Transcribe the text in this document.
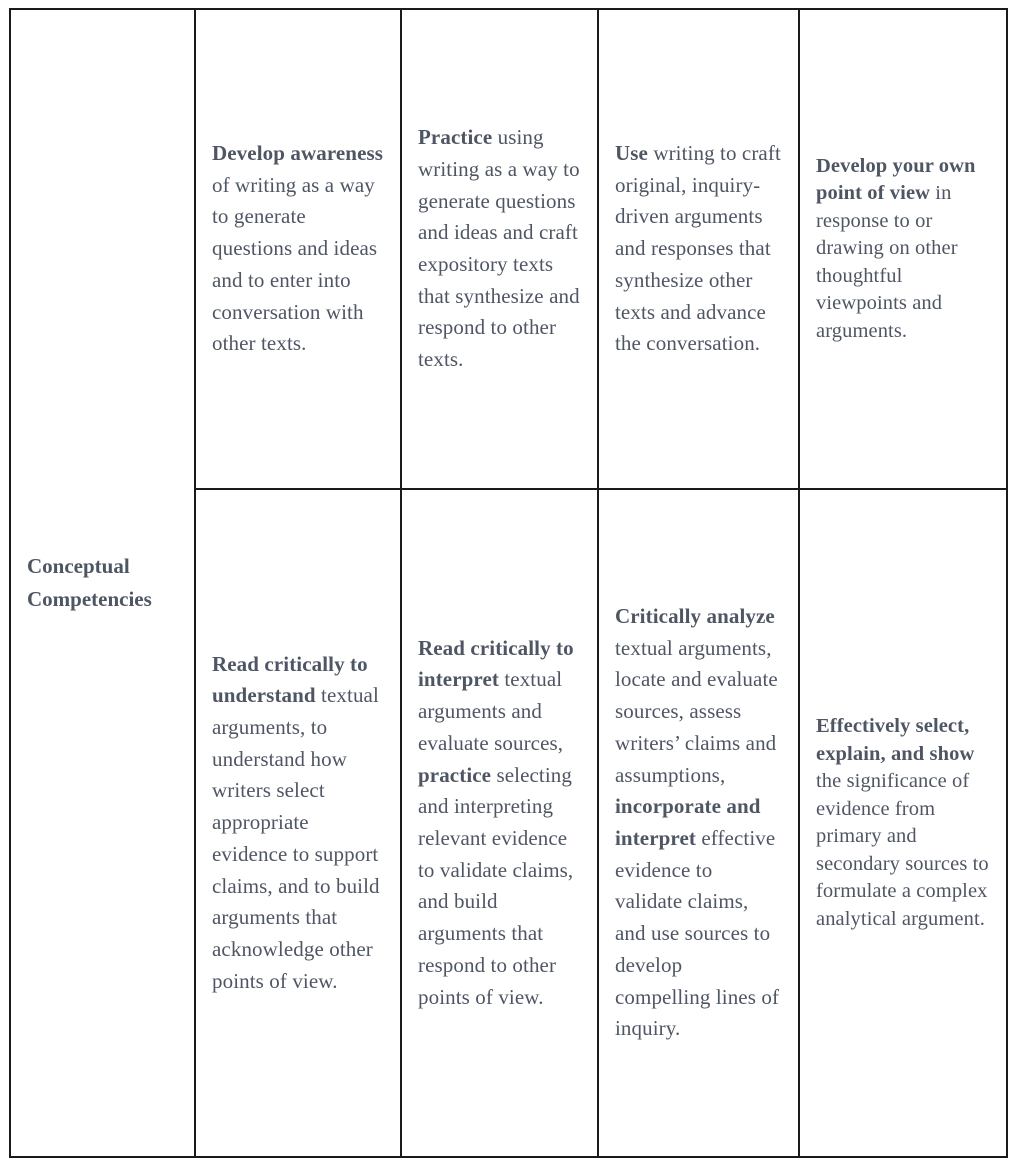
Conceptual
Competencies	Develop awareness of writing as a way to generate questions and ideas and to enter into conversation with other texts.	Practice using writing as a way to generate questions and ideas and craft expository texts that synthesize and respond to other texts.	Use writing to craft original, inquiry-driven arguments and responses that synthesize other texts and advance the conversation.	Develop your own point of view in response to or drawing on other thoughtful viewpoints and arguments.

	Read critically to understand textual arguments, to understand how writers select appropriate evidence to support claims, and to build arguments that acknowledge other points of view.	Read critically to interpret textual arguments and evaluate sources, practice selecting and interpreting relevant evidence to validate claims, and build arguments that respond to other points of view.	Critically analyze textual arguments, locate and evaluate sources, assess writers’ claims and assumptions, incorporate and interpret effective evidence to validate claims, and use sources to develop compelling lines of inquiry.	Effectively select, explain, and show the significance of evidence from primary and secondary sources to formulate a complex analytical argument.
